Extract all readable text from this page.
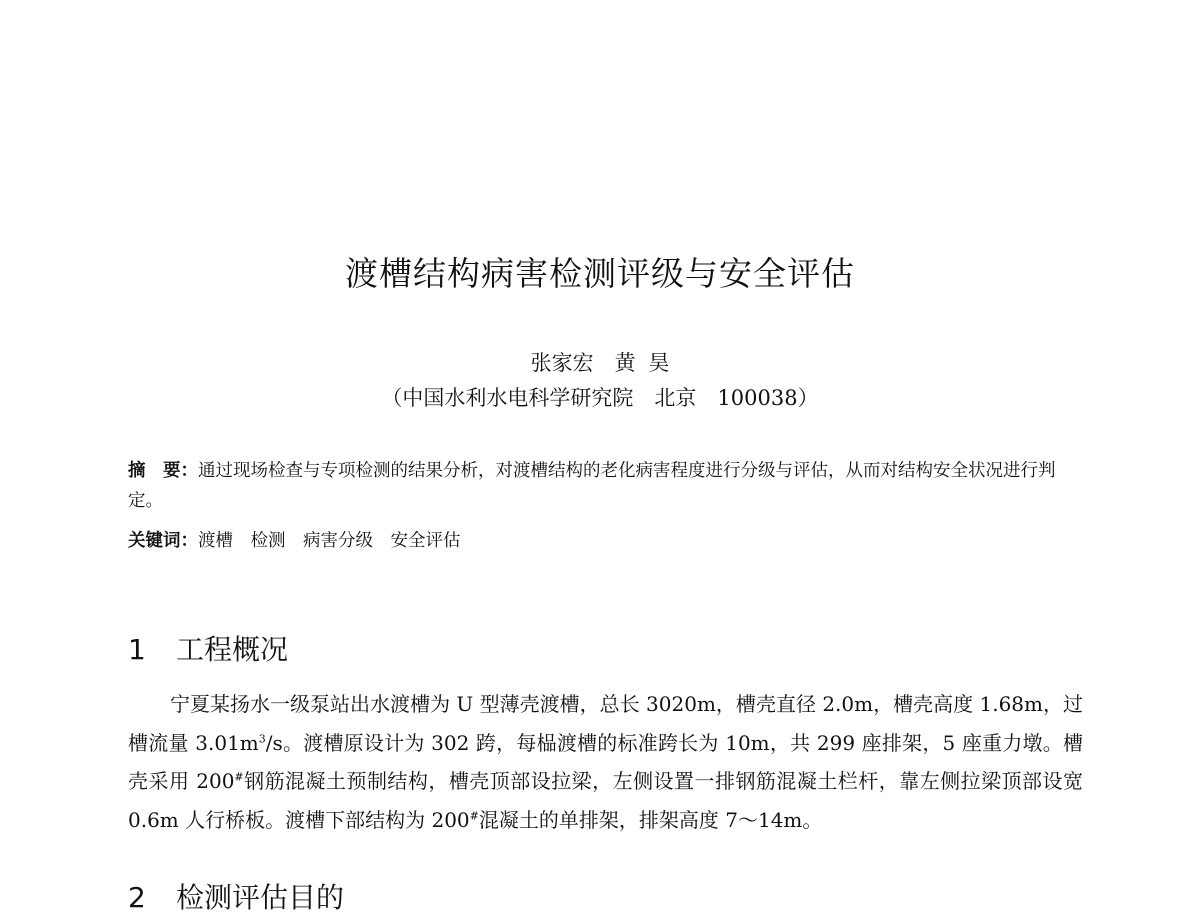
渡槽结构病害检测评级与安全评估

张家宏　黄 昊

（中国水利水电科学研究院　北京　100038）

摘　要：通过现场检查与专项检测的结果分析，对渡槽结构的老化病害程度进行分级与评估，从而对结构安全状况进行判定。

关键词：渡槽　检测　病害分级　安全评估

1 工程概况

宁夏某扬水一级泵站出水渡槽为 U 型薄壳渡槽，总长 3020m，槽壳直径 2.0m，槽壳高度 1.68m，过槽流量 $3.01m^3/s$。渡槽原设计为 302 跨，每榀渡槽的标准跨长为 10m，共 299 座排架，5 座重力墩。槽壳采用 200#钢筋混凝土预制结构，槽壳顶部设拉梁，左侧设置一排钢筋混凝土栏杆，靠左侧拉梁顶部设宽 0.6m 人行桥板。渡槽下部结构为 200#混凝土的单排架，排架高度 7～14m。

2 检测评估目的
